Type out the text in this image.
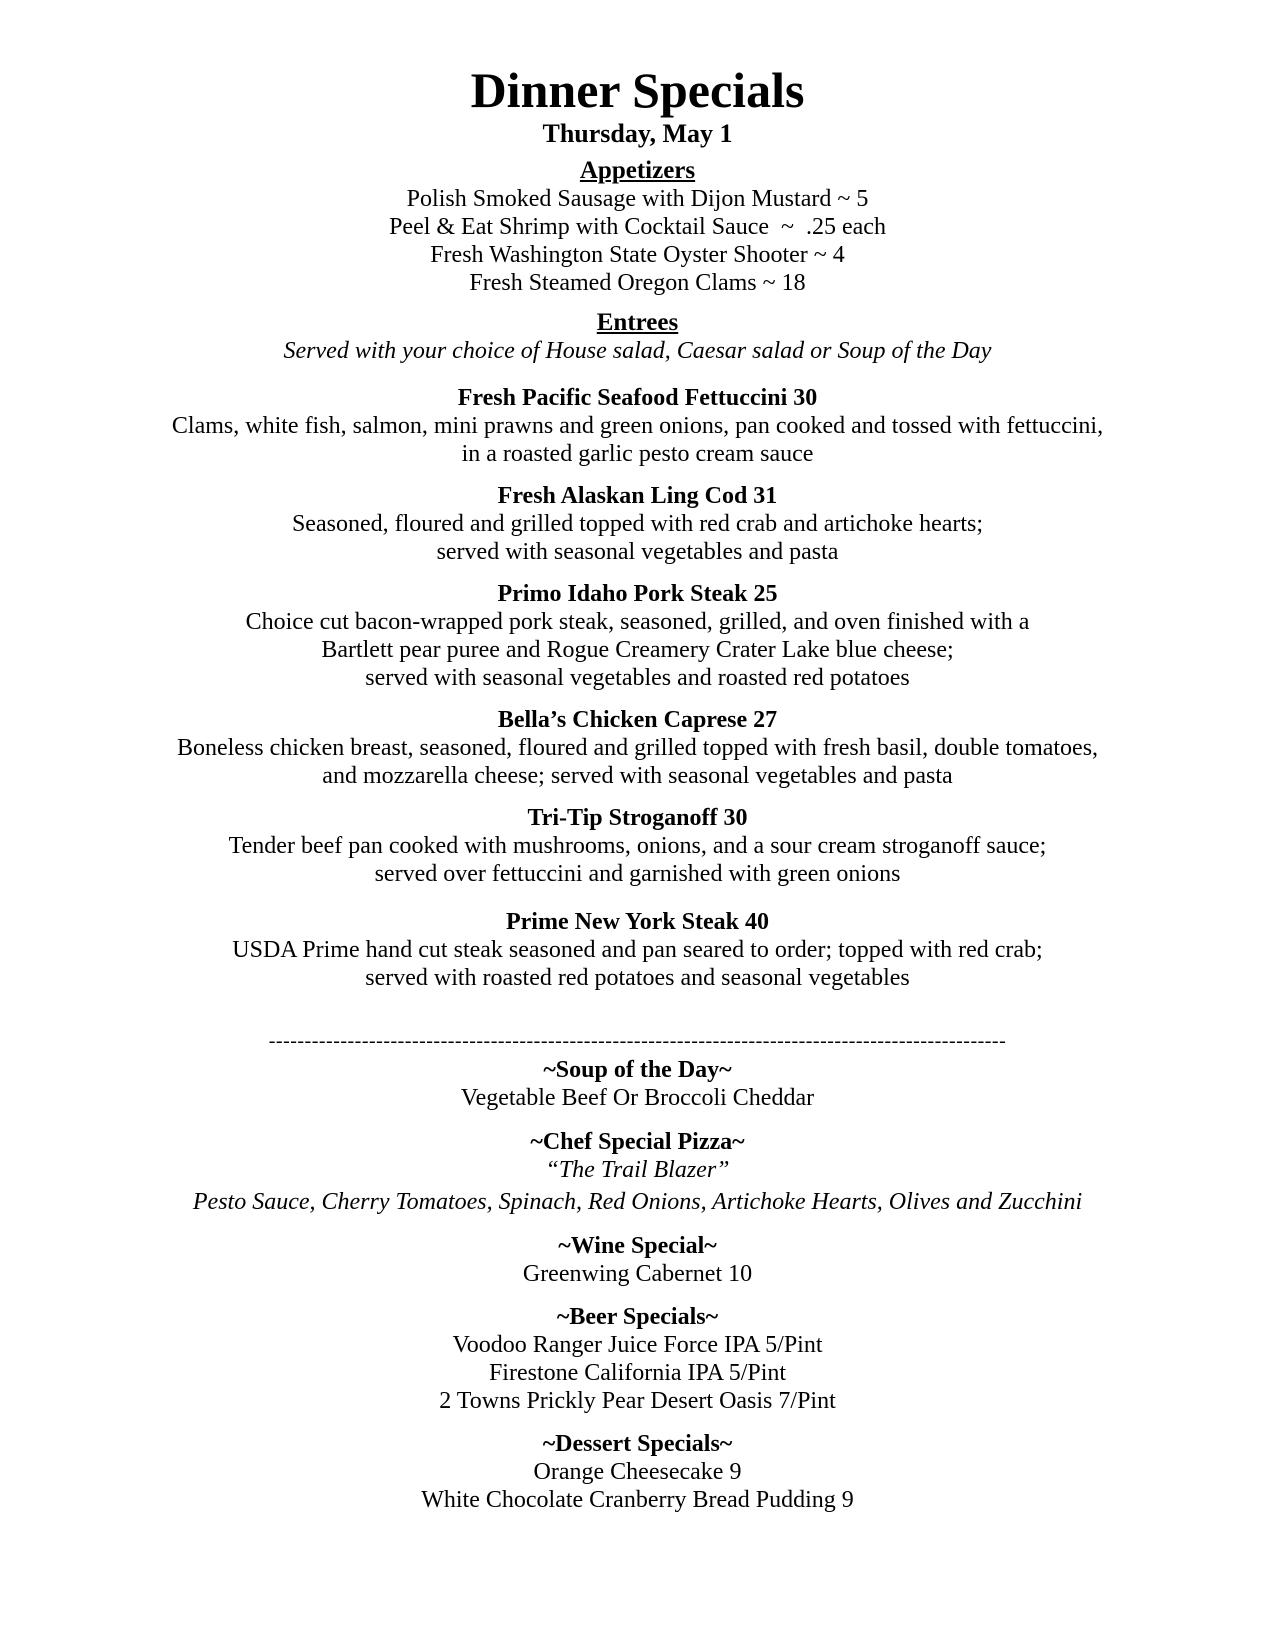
Dinner Specials
Thursday, May 1
Appetizers
Polish Smoked Sausage with Dijon Mustard ~ 5
Peel & Eat Shrimp with Cocktail Sauce  ~  .25 each
Fresh Washington State Oyster Shooter ~ 4
Fresh Steamed Oregon Clams ~ 18
Entrees
Served with your choice of House salad, Caesar salad or Soup of the Day
Fresh Pacific Seafood Fettuccini 30
Clams, white fish, salmon, mini prawns and green onions, pan cooked and tossed with fettuccini,
in a roasted garlic pesto cream sauce
Fresh Alaskan Ling Cod 31
Seasoned, floured and grilled topped with red crab and artichoke hearts;
served with seasonal vegetables and pasta
Primo Idaho Pork Steak 25
Choice cut bacon-wrapped pork steak, seasoned, grilled, and oven finished with a
Bartlett pear puree and Rogue Creamery Crater Lake blue cheese;
served with seasonal vegetables and roasted red potatoes
Bella’s Chicken Caprese 27
Boneless chicken breast, seasoned, floured and grilled topped with fresh basil, double tomatoes,
and mozzarella cheese; served with seasonal vegetables and pasta
Tri-Tip Stroganoff 30
Tender beef pan cooked with mushrooms, onions, and a sour cream stroganoff sauce;
served over fettuccini and garnished with green onions
Prime New York Steak 40
USDA Prime hand cut steak seasoned and pan seared to order; topped with red crab;
served with roasted red potatoes and seasonal vegetables
-------------------------------------------------------------------------------------------------------
~Soup of the Day~
Vegetable Beef Or Broccoli Cheddar
~Chef Special Pizza~
“The Trail Blazer”
Pesto Sauce, Cherry Tomatoes, Spinach, Red Onions, Artichoke Hearts, Olives and Zucchini
~Wine Special~
Greenwing Cabernet 10
~Beer Specials~
Voodoo Ranger Juice Force IPA 5/Pint
Firestone California IPA 5/Pint
2 Towns Prickly Pear Desert Oasis 7/Pint
~Dessert Specials~
Orange Cheesecake 9
White Chocolate Cranberry Bread Pudding 9
